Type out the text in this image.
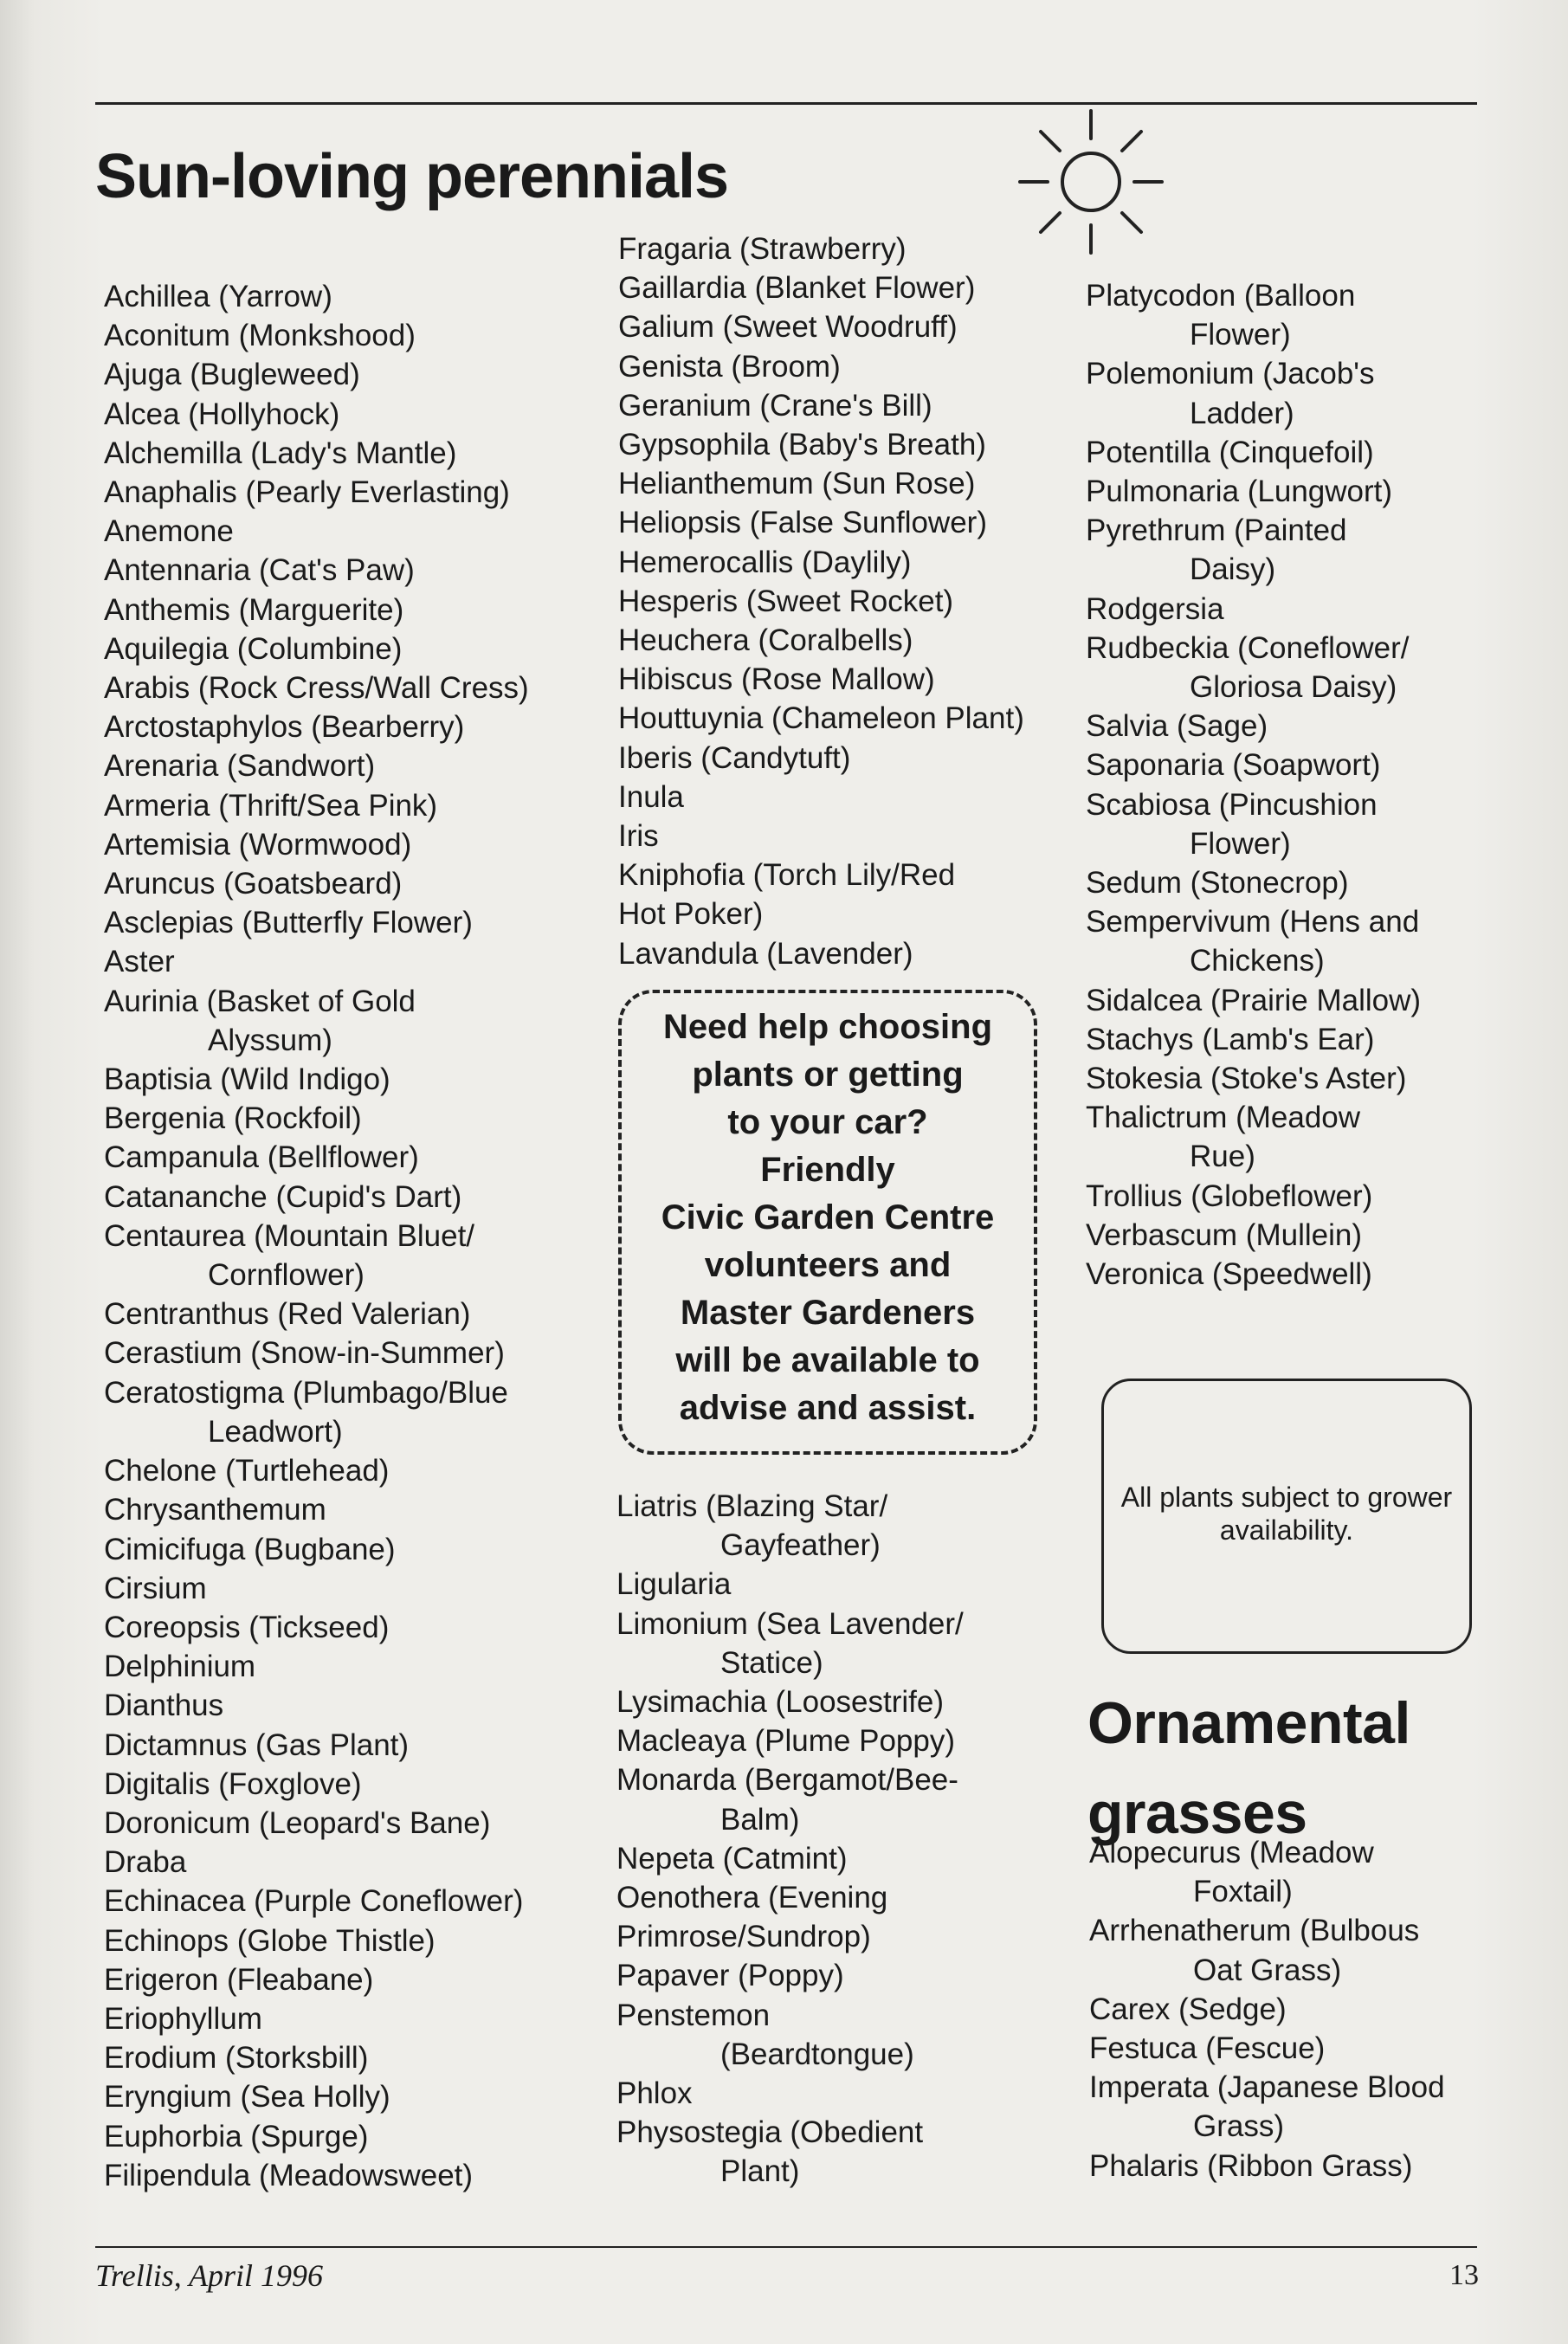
Sun-loving perennials
Achillea (Yarrow)
Aconitum (Monkshood)
Ajuga (Bugleweed)
Alcea (Hollyhock)
Alchemilla (Lady's Mantle)
Anaphalis (Pearly Everlasting)
Anemone
Antennaria (Cat's Paw)
Anthemis (Marguerite)
Aquilegia (Columbine)
Arabis (Rock Cress/Wall Cress)
Arctostaphylos (Bearberry)
Arenaria (Sandwort)
Armeria (Thrift/Sea Pink)
Artemisia (Wormwood)
Aruncus (Goatsbeard)
Asclepias (Butterfly Flower)
Aster
Aurinia (Basket of Gold
Alyssum)
Baptisia (Wild Indigo)
Bergenia (Rockfoil)
Campanula (Bellflower)
Catananche (Cupid's Dart)
Centaurea (Mountain Bluet/
Cornflower)
Centranthus (Red Valerian)
Cerastium (Snow-in-Summer)
Ceratostigma (Plumbago/Blue
Leadwort)
Chelone (Turtlehead)
Chrysanthemum
Cimicifuga (Bugbane)
Cirsium
Coreopsis (Tickseed)
Delphinium
Dianthus
Dictamnus (Gas Plant)
Digitalis (Foxglove)
Doronicum (Leopard's Bane)
Draba
Echinacea (Purple Coneflower)
Echinops (Globe Thistle)
Erigeron (Fleabane)
Eriophyllum
Erodium (Storksbill)
Eryngium (Sea Holly)
Euphorbia (Spurge)
Filipendula (Meadowsweet)
Fragaria (Strawberry)
Gaillardia (Blanket Flower)
Galium (Sweet Woodruff)
Genista (Broom)
Geranium (Crane's Bill)
Gypsophila (Baby's Breath)
Helianthemum (Sun Rose)
Heliopsis (False Sunflower)
Hemerocallis (Daylily)
Hesperis (Sweet Rocket)
Heuchera (Coralbells)
Hibiscus (Rose Mallow)
Houttuynia (Chameleon Plant)
Iberis (Candytuft)
Inula
Iris
Kniphofia (Torch Lily/Red
Hot Poker)
Lavandula (Lavender)
Need help choosing
plants or getting
to your car?
Friendly
Civic Garden Centre
volunteers and
Master Gardeners
will be available to
advise and assist.
Liatris (Blazing Star/
Gayfeather)
Ligularia
Limonium (Sea Lavender/
Statice)
Lysimachia (Loosestrife)
Macleaya (Plume Poppy)
Monarda (Bergamot/Bee-
Balm)
Nepeta (Catmint)
Oenothera (Evening
Primrose/Sundrop)
Papaver (Poppy)
Penstemon
(Beardtongue)
Phlox
Physostegia (Obedient
Plant)
Platycodon (Balloon
Flower)
Polemonium (Jacob's
Ladder)
Potentilla (Cinquefoil)
Pulmonaria (Lungwort)
Pyrethrum (Painted
Daisy)
Rodgersia
Rudbeckia (Coneflower/
Gloriosa Daisy)
Salvia (Sage)
Saponaria (Soapwort)
Scabiosa (Pincushion
Flower)
Sedum (Stonecrop)
Sempervivum (Hens and
Chickens)
Sidalcea (Prairie Mallow)
Stachys (Lamb's Ear)
Stokesia (Stoke's Aster)
Thalictrum (Meadow
Rue)
Trollius (Globeflower)
Verbascum (Mullein)
Veronica (Speedwell)
All plants subject to grower availability.
Ornamental
grasses
Alopecurus (Meadow
Foxtail)
Arrhenatherum (Bulbous
Oat Grass)
Carex (Sedge)
Festuca (Fescue)
Imperata (Japanese Blood
Grass)
Phalaris (Ribbon Grass)
Trellis, April 1996	13
